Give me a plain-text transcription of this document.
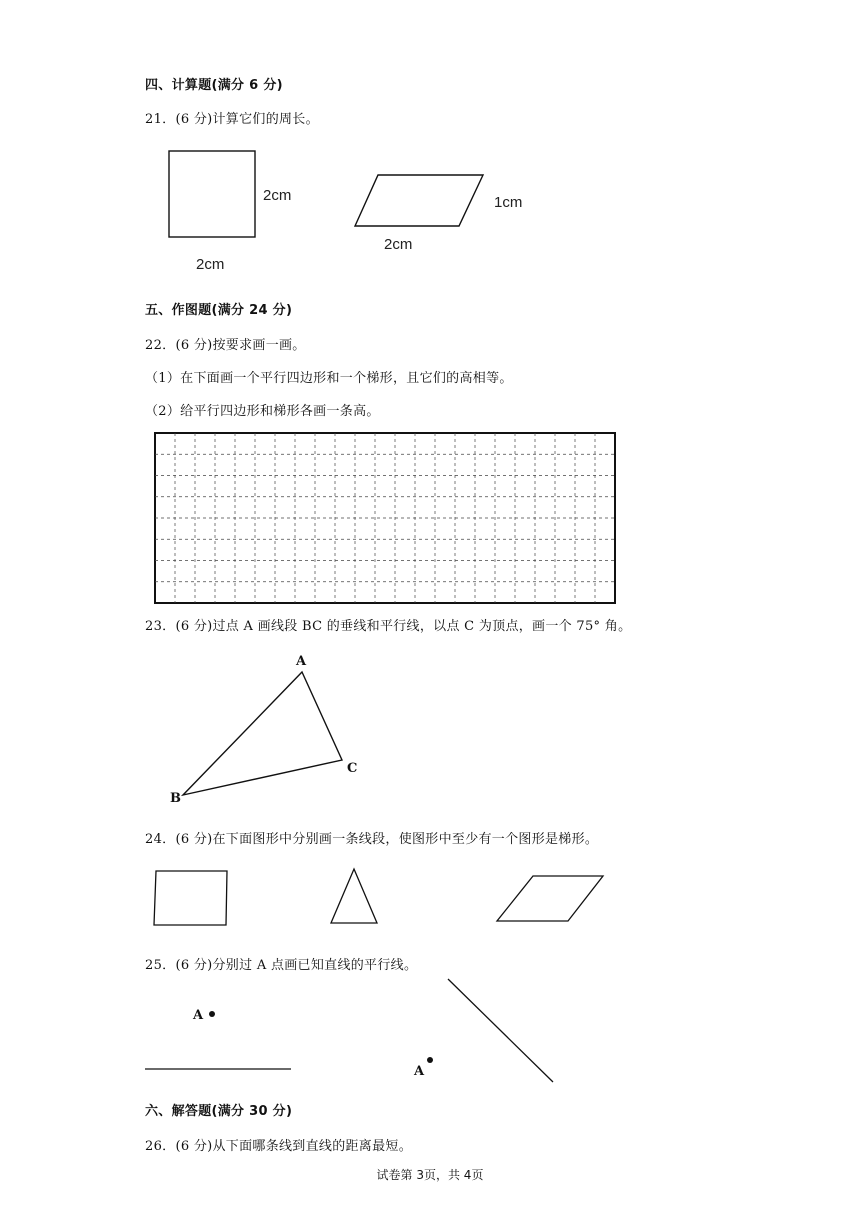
四、计算题(满分 6 分)
21．(6 分)计算它们的周长。
五、作图题(满分 24 分)
22．(6 分)按要求画一画。
（1）在下面画一个平行四边形和一个梯形，且它们的高相等。
（2）给平行四边形和梯形各画一条高。
23．(6 分)过点 A 画线段 BC 的垂线和平行线，以点 C 为顶点，画一个 75° 角。
24．(6 分)在下面图形中分别画一条线段，使图形中至少有一个图形是梯形。
25．(6 分)分别过 A 点画已知直线的平行线。
六、解答题(满分 30 分)
26．(6 分)从下面哪条线到直线的距离最短。
试卷第 3页，共 4页
2cm
2cm
1cm
2cm
A
B
C
A
A
